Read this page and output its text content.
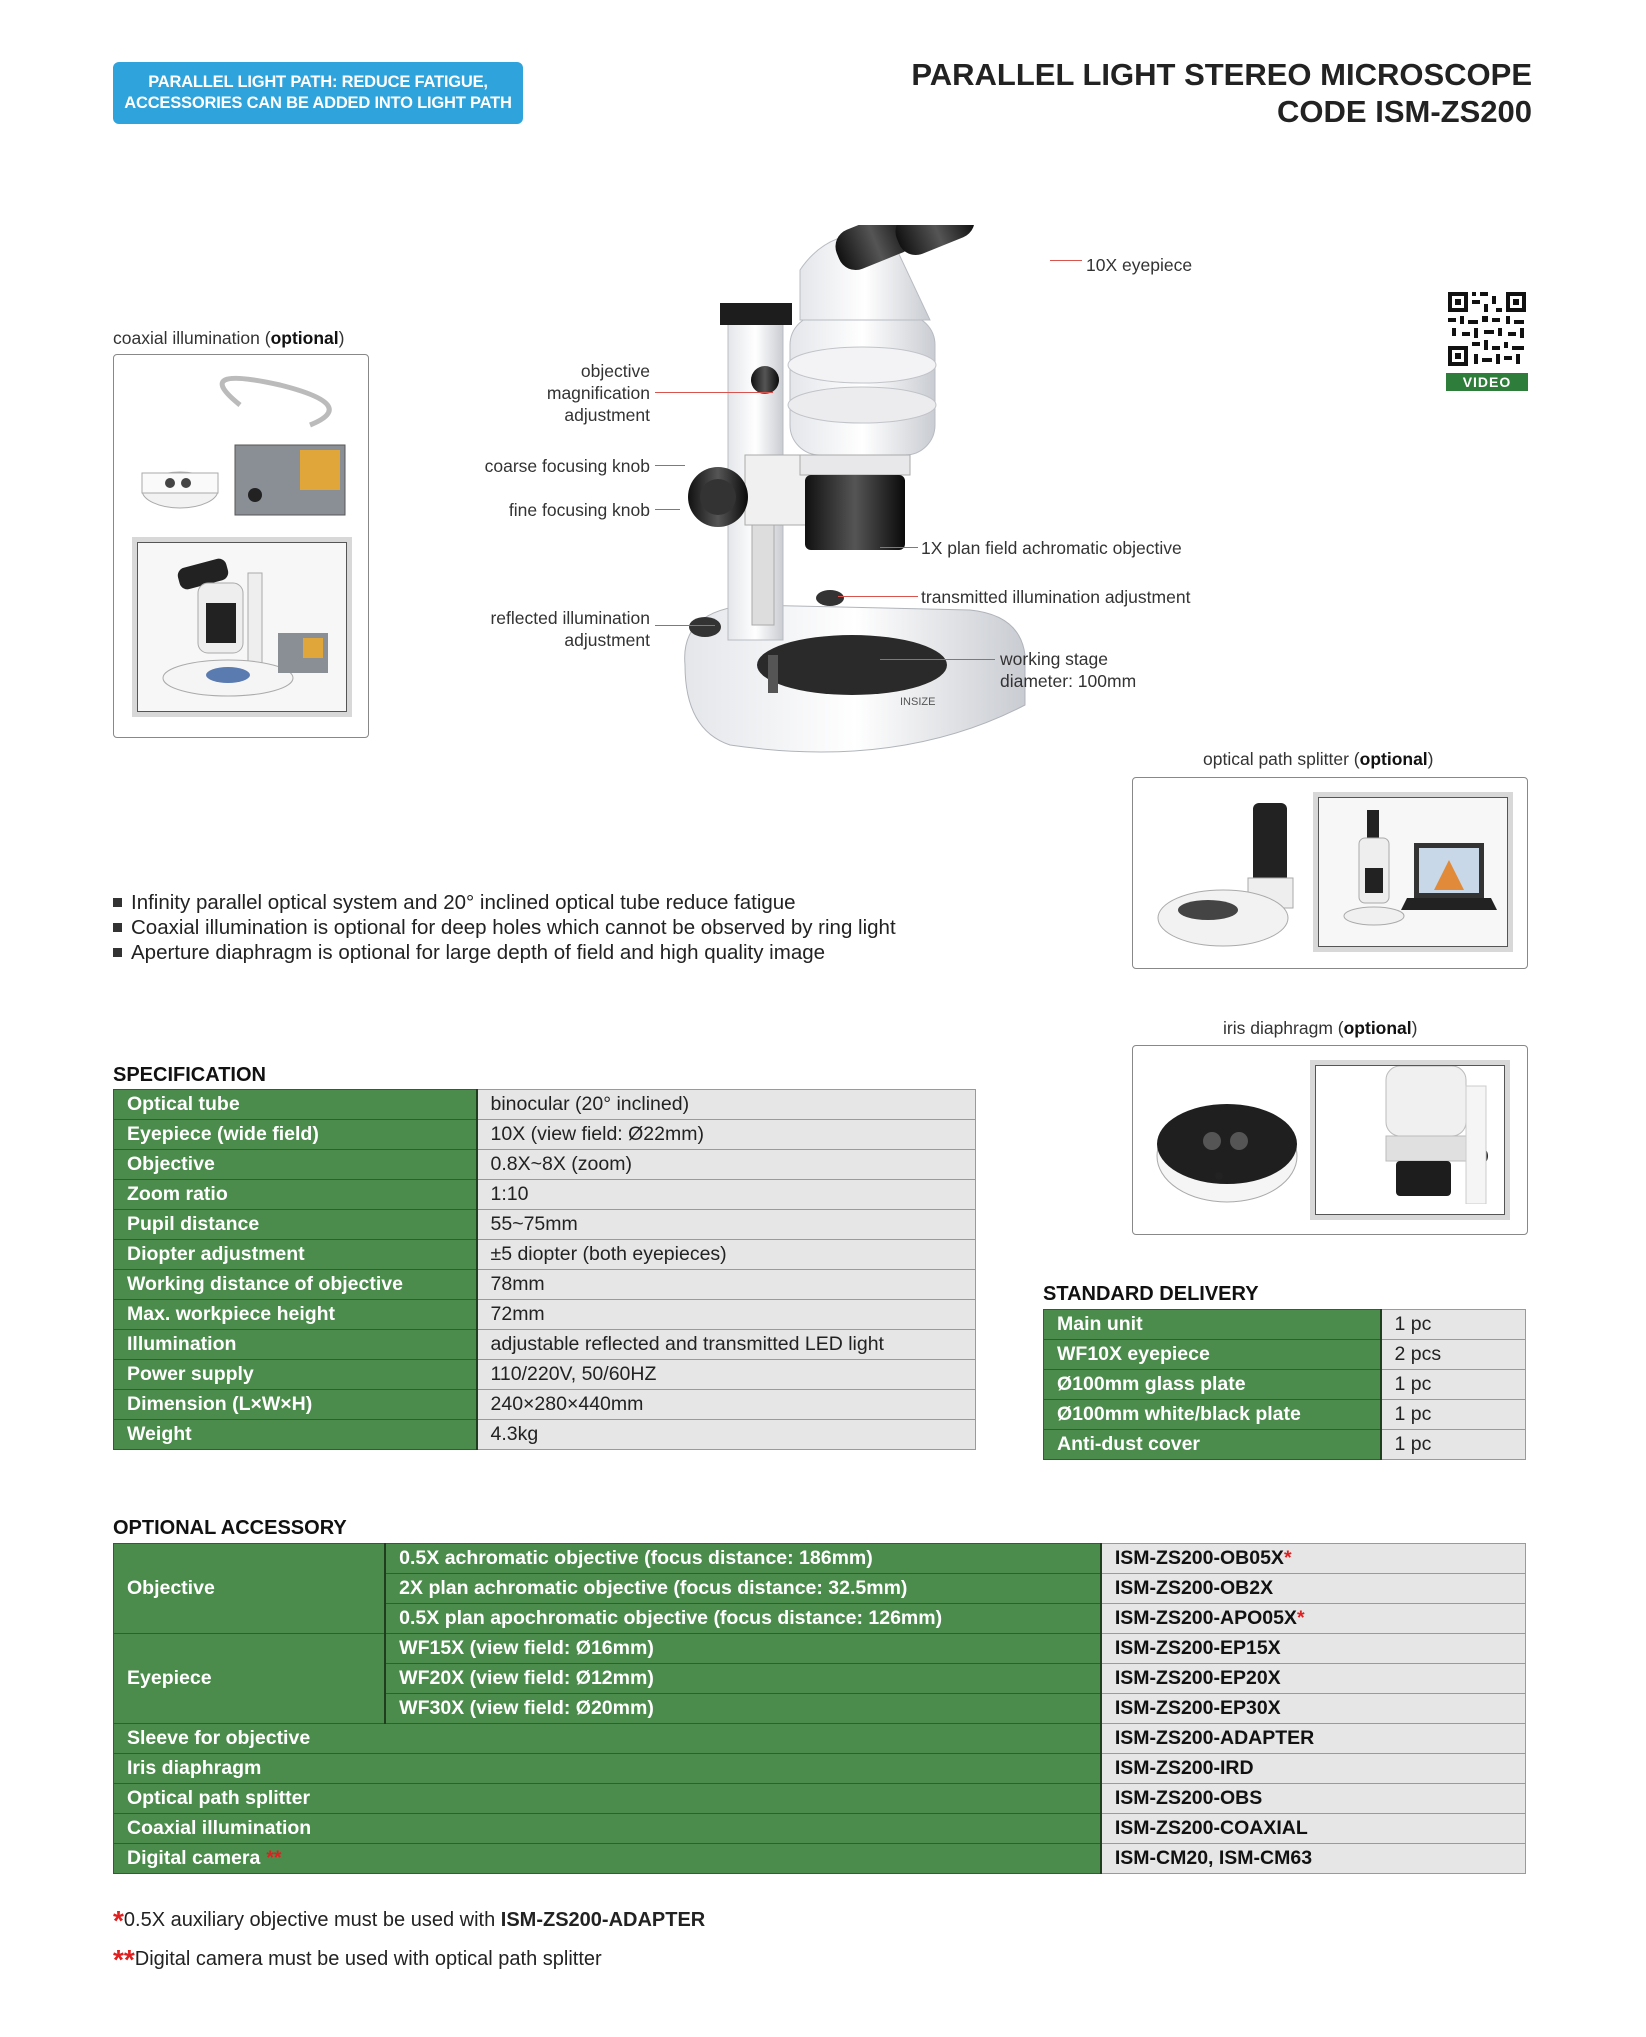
PARALLEL LIGHT PATH: REDUCE FATIGUE,
ACCESSORIES CAN BE ADDED INTO LIGHT PATH
PARALLEL LIGHT STEREO MICROSCOPE
CODE ISM-ZS200
VIDEO
INSIZE
10X eyepiece
objective
magnification
adjustment
coarse focusing knob
fine focusing knob
1X plan field achromatic objective
transmitted illumination adjustment
reflected illumination
adjustment
working stage
diameter: 100mm
coaxial illumination (optional)
optical path splitter (optional)
Infinity parallel optical system and 20° inclined optical tube reduce fatigue
Coaxial illumination is optional for deep holes which cannot be observed by ring light
Aperture diaphragm is optional for large depth of field and high quality image
iris diaphragm (optional)
SPECIFICATION
Optical tube	binocular (20° inclined)
Eyepiece (wide field)	10X (view field: Ø22mm)
Objective	0.8X~8X (zoom)
Zoom ratio	1:10
Pupil distance	55~75mm
Diopter adjustment	±5 diopter (both eyepieces)
Working distance of objective	78mm
Max. workpiece height	72mm
Illumination	adjustable reflected and transmitted LED light
Power supply	110/220V, 50/60HZ
Dimension (L×W×H)	240×280×440mm
Weight	4.3kg
STANDARD DELIVERY
Main unit	1 pc
WF10X eyepiece	2 pcs
Ø100mm glass plate	1 pc
Ø100mm white/black plate	1 pc
Anti-dust cover	1 pc
OPTIONAL ACCESSORY
Objective	0.5X achromatic objective (focus distance: 186mm)	ISM-ZS200-OB05X*
	2X plan achromatic objective (focus distance: 32.5mm)	ISM-ZS200-OB2X
	0.5X plan apochromatic objective (focus distance: 126mm)	ISM-ZS200-APO05X*
Eyepiece	WF15X (view field: Ø16mm)	ISM-ZS200-EP15X
	WF20X (view field: Ø12mm)	ISM-ZS200-EP20X
	WF30X (view field: Ø20mm)	ISM-ZS200-EP30X
Sleeve for objective		ISM-ZS200-ADAPTER
Iris diaphragm		ISM-ZS200-IRD
Optical path splitter		ISM-ZS200-OBS
Coaxial illumination		ISM-ZS200-COAXIAL
Digital camera **		ISM-CM20, ISM-CM63
*0.5X auxiliary objective must be used with ISM-ZS200-ADAPTER
**Digital camera must be used with optical path splitter
